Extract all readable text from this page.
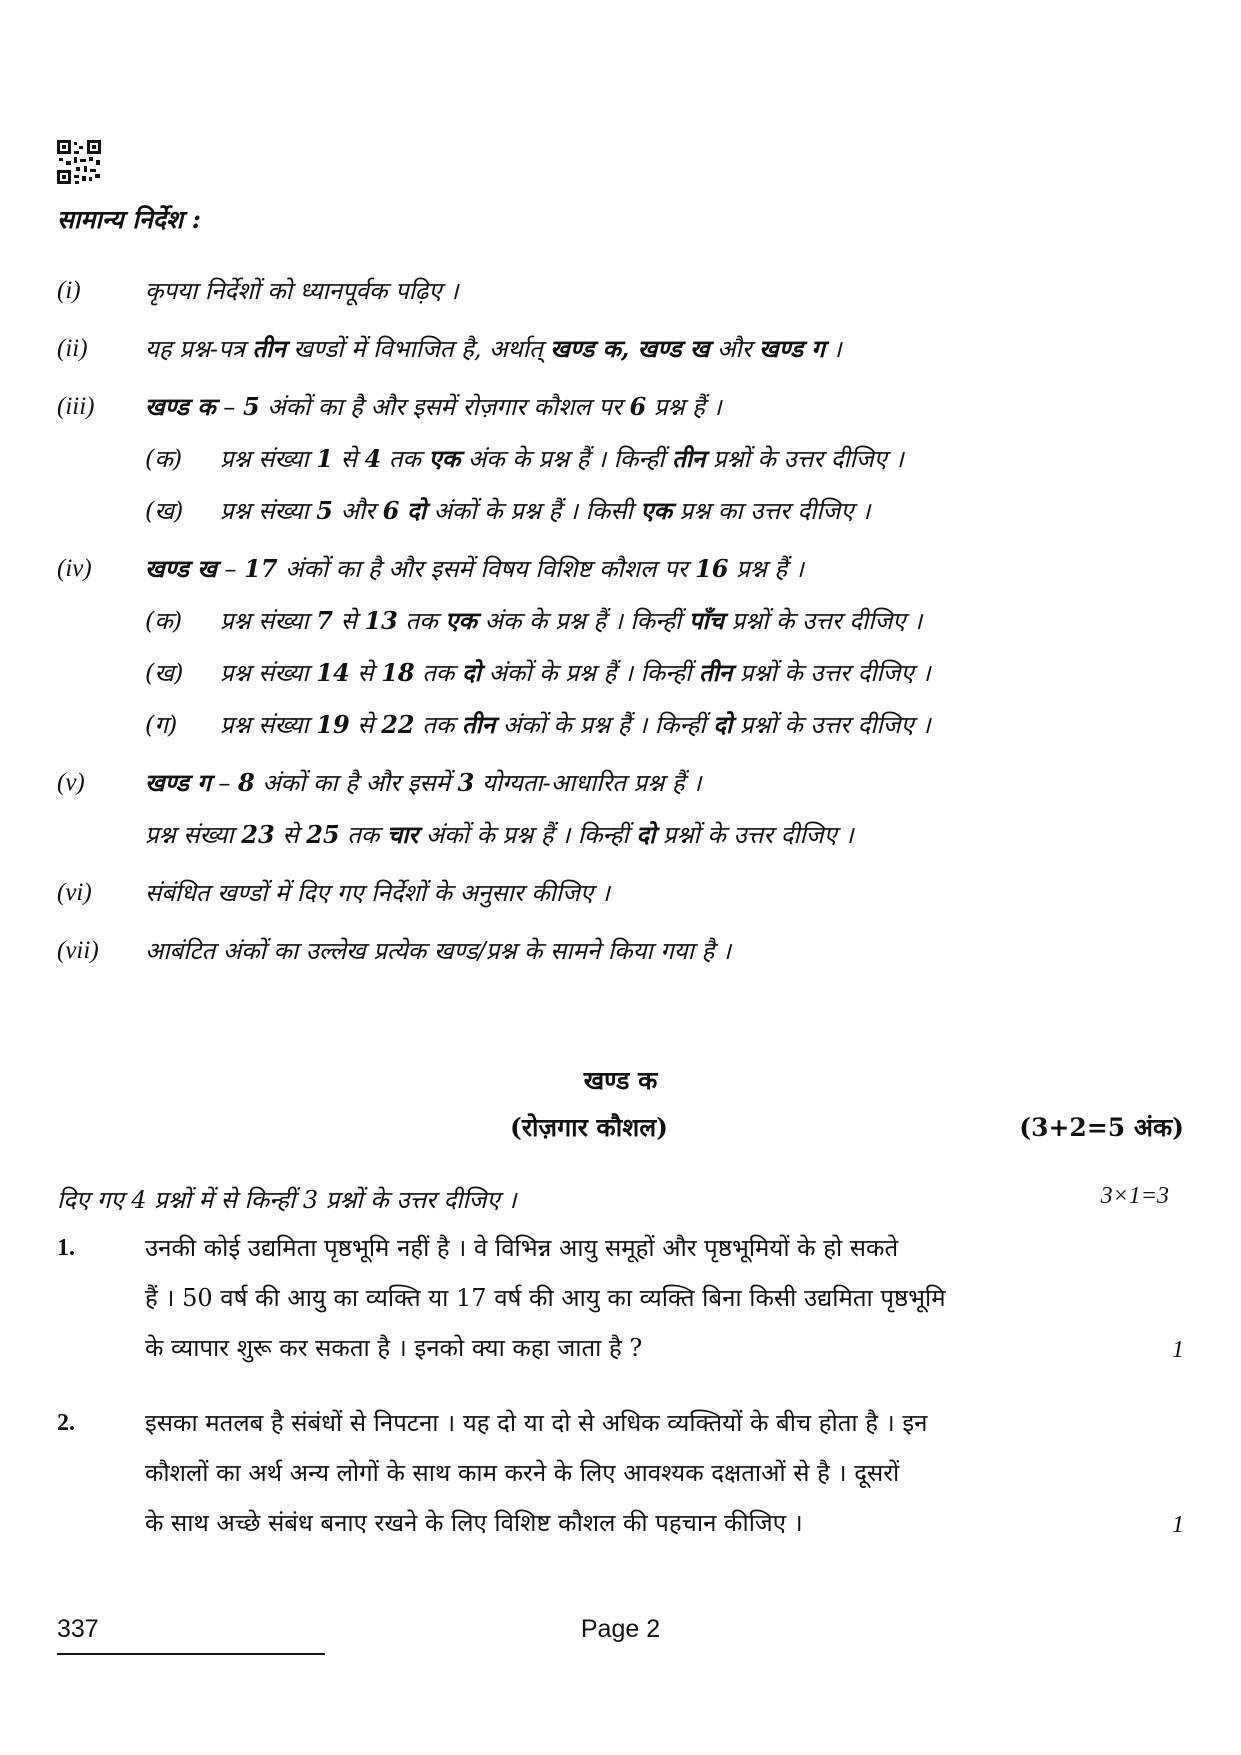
सामान्य निर्देश :
(i)	कृपया निर्देशों को ध्यानपूर्वक पढ़िए ।
(ii) यह प्रश्न-पत्र तीन खण्डों में विभाजित है, अर्थात् खण्ड क, खण्ड ख और खण्ड ग ।
(iii) खण्ड क – 5 अंकों का है और इसमें रोज़गार कौशल पर 6 प्रश्न हैं ।
(क) प्रश्न संख्या 1 से 4 तक एक अंक के प्रश्न हैं । किन्हीं तीन प्रश्नों के उत्तर दीजिए ।
(ख) प्रश्न संख्या 5 और 6 दो अंकों के प्रश्न हैं । किसी एक प्रश्न का उत्तर दीजिए ।
(iv) खण्ड ख – 17 अंकों का है और इसमें विषय विशिष्ट कौशल पर 16 प्रश्न हैं ।
(क) प्रश्न संख्या 7 से 13 तक एक अंक के प्रश्न हैं । किन्हीं पाँच प्रश्नों के उत्तर दीजिए ।
(ख) प्रश्न संख्या 14 से 18 तक दो अंकों के प्रश्न हैं । किन्हीं तीन प्रश्नों के उत्तर दीजिए ।
(ग) प्रश्न संख्या 19 से 22 तक तीन अंकों के प्रश्न हैं । किन्हीं दो प्रश्नों के उत्तर दीजिए ।
(v)	खण्ड ग – 8 अंकों का है और इसमें 3 योग्यता-आधारित प्रश्न हैं ।
प्रश्न संख्या 23 से 25 तक चार अंकों के प्रश्न हैं । किन्हीं दो प्रश्नों के उत्तर दीजिए ।
(vi) संबंधित खण्डों में दिए गए निर्देशों के अनुसार कीजिए ।
(vii) आबंटित अंकों का उल्लेख प्रत्येक खण्ड/प्रश्न के सामने किया गया है ।
खण्ड क
(रोज़गार कौशल)	(3+2=5 अंक)
दिए गए 4 प्रश्नों में से किन्हीं 3 प्रश्नों के उत्तर दीजिए ।	3×1=3
1.	उनकी कोई उद्यमिता पृष्ठभूमि नहीं है । वे विभिन्न आयु समूहों और पृष्ठभूमियों के हो सकते
हैं । 50 वर्ष की आयु का व्यक्ति या 17 वर्ष की आयु का व्यक्ति बिना किसी उद्यमिता पृष्ठभूमि
के व्यापार शुरू कर सकता है । इनको क्या कहा जाता है ?	1
2.	इसका मतलब है संबंधों से निपटना । यह दो या दो से अधिक व्यक्तियों के बीच होता है । इन
कौशलों का अर्थ अन्य लोगों के साथ काम करने के लिए आवश्यक दक्षताओं से है । दूसरों
के साथ अच्छे संबंध बनाए रखने के लिए विशिष्ट कौशल की पहचान कीजिए ।	1
337	Page 2
